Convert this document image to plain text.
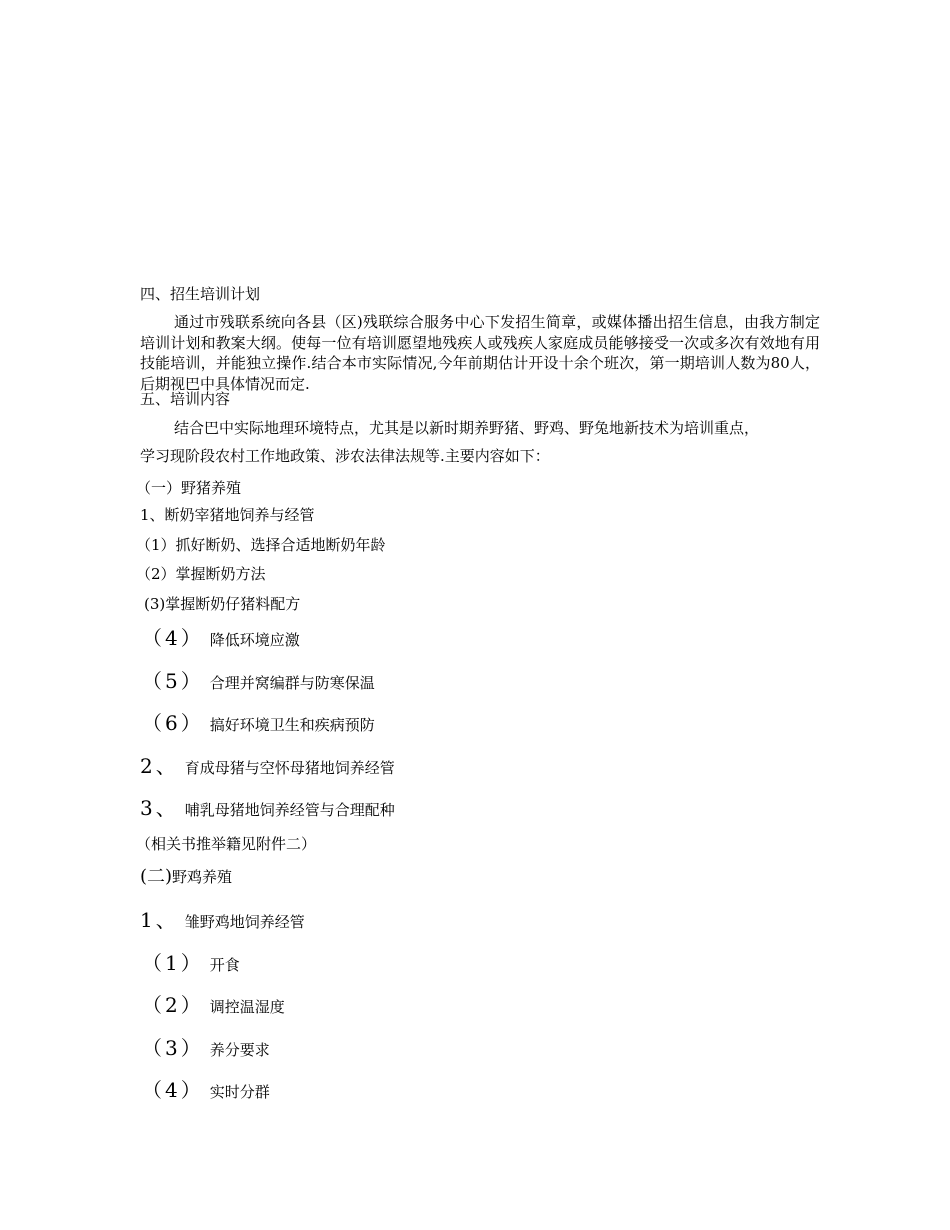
四、招生培训计划
通过市残联系统向各县（区)残联综合服务中心下发招生简章，或媒体播出招生信息，由我方制定培训计划和教案大纲。使每一位有培训愿望地残疾人或残疾人家庭成员能够接受一次或多次有效地有用技能培训，并能独立操作.结合本市实际情况,今年前期估计开设十余个班次，第一期培训人数为80人，后期视巴中具体情况而定.
五、培训内容
结合巴中实际地理环境特点，尤其是以新时期养野猪、野鸡、野兔地新技术为培训重点，
学习现阶段农村工作地政策、涉农法律法规等.主要内容如下：
（一）野猪养殖
1、断奶宰猪地饲养与经管
（1）抓好断奶、选择合适地断奶年龄
（2）掌握断奶方法
(3)掌握断奶仔猪料配方
（4） 降低环境应激
（5） 合理并窝编群与防寒保温
（6） 搞好环境卫生和疾病预防
2、 育成母猪与空怀母猪地饲养经管
3、 哺乳母猪地饲养经管与合理配种
（相关书推举籍见附件二）
(二)野鸡养殖
1、 雏野鸡地饲养经管
（1） 开食
（2） 调控温湿度
（3） 养分要求
（4） 实时分群
